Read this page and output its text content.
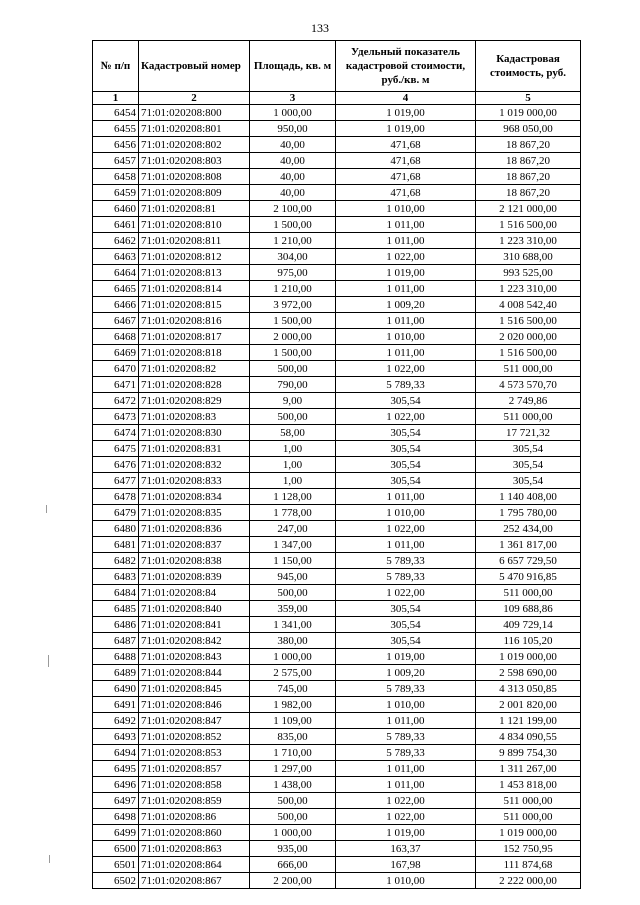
133
№ п/п	Кадастровый номер	Площадь, кв. м	Удельный показатель кадастровой стоимости, руб./кв. м	Кадастровая стоимость, руб.
1	2	3	4	5
6454	71:01:020208:800	1 000,00	1 019,00	1 019 000,00
6455	71:01:020208:801	950,00	1 019,00	968 050,00
6456	71:01:020208:802	40,00	471,68	18 867,20
6457	71:01:020208:803	40,00	471,68	18 867,20
6458	71:01:020208:808	40,00	471,68	18 867,20
6459	71:01:020208:809	40,00	471,68	18 867,20
6460	71:01:020208:81	2 100,00	1 010,00	2 121 000,00
6461	71:01:020208:810	1 500,00	1 011,00	1 516 500,00
6462	71:01:020208:811	1 210,00	1 011,00	1 223 310,00
6463	71:01:020208:812	304,00	1 022,00	310 688,00
6464	71:01:020208:813	975,00	1 019,00	993 525,00
6465	71:01:020208:814	1 210,00	1 011,00	1 223 310,00
6466	71:01:020208:815	3 972,00	1 009,20	4 008 542,40
6467	71:01:020208:816	1 500,00	1 011,00	1 516 500,00
6468	71:01:020208:817	2 000,00	1 010,00	2 020 000,00
6469	71:01:020208:818	1 500,00	1 011,00	1 516 500,00
6470	71:01:020208:82	500,00	1 022,00	511 000,00
6471	71:01:020208:828	790,00	5 789,33	4 573 570,70
6472	71:01:020208:829	9,00	305,54	2 749,86
6473	71:01:020208:83	500,00	1 022,00	511 000,00
6474	71:01:020208:830	58,00	305,54	17 721,32
6475	71:01:020208:831	1,00	305,54	305,54
6476	71:01:020208:832	1,00	305,54	305,54
6477	71:01:020208:833	1,00	305,54	305,54
6478	71:01:020208:834	1 128,00	1 011,00	1 140 408,00
6479	71:01:020208:835	1 778,00	1 010,00	1 795 780,00
6480	71:01:020208:836	247,00	1 022,00	252 434,00
6481	71:01:020208:837	1 347,00	1 011,00	1 361 817,00
6482	71:01:020208:838	1 150,00	5 789,33	6 657 729,50
6483	71:01:020208:839	945,00	5 789,33	5 470 916,85
6484	71:01:020208:84	500,00	1 022,00	511 000,00
6485	71:01:020208:840	359,00	305,54	109 688,86
6486	71:01:020208:841	1 341,00	305,54	409 729,14
6487	71:01:020208:842	380,00	305,54	116 105,20
6488	71:01:020208:843	1 000,00	1 019,00	1 019 000,00
6489	71:01:020208:844	2 575,00	1 009,20	2 598 690,00
6490	71:01:020208:845	745,00	5 789,33	4 313 050,85
6491	71:01:020208:846	1 982,00	1 010,00	2 001 820,00
6492	71:01:020208:847	1 109,00	1 011,00	1 121 199,00
6493	71:01:020208:852	835,00	5 789,33	4 834 090,55
6494	71:01:020208:853	1 710,00	5 789,33	9 899 754,30
6495	71:01:020208:857	1 297,00	1 011,00	1 311 267,00
6496	71:01:020208:858	1 438,00	1 011,00	1 453 818,00
6497	71:01:020208:859	500,00	1 022,00	511 000,00
6498	71:01:020208:86	500,00	1 022,00	511 000,00
6499	71:01:020208:860	1 000,00	1 019,00	1 019 000,00
6500	71:01:020208:863	935,00	163,37	152 750,95
6501	71:01:020208:864	666,00	167,98	111 874,68
6502	71:01:020208:867	2 200,00	1 010,00	2 222 000,00
